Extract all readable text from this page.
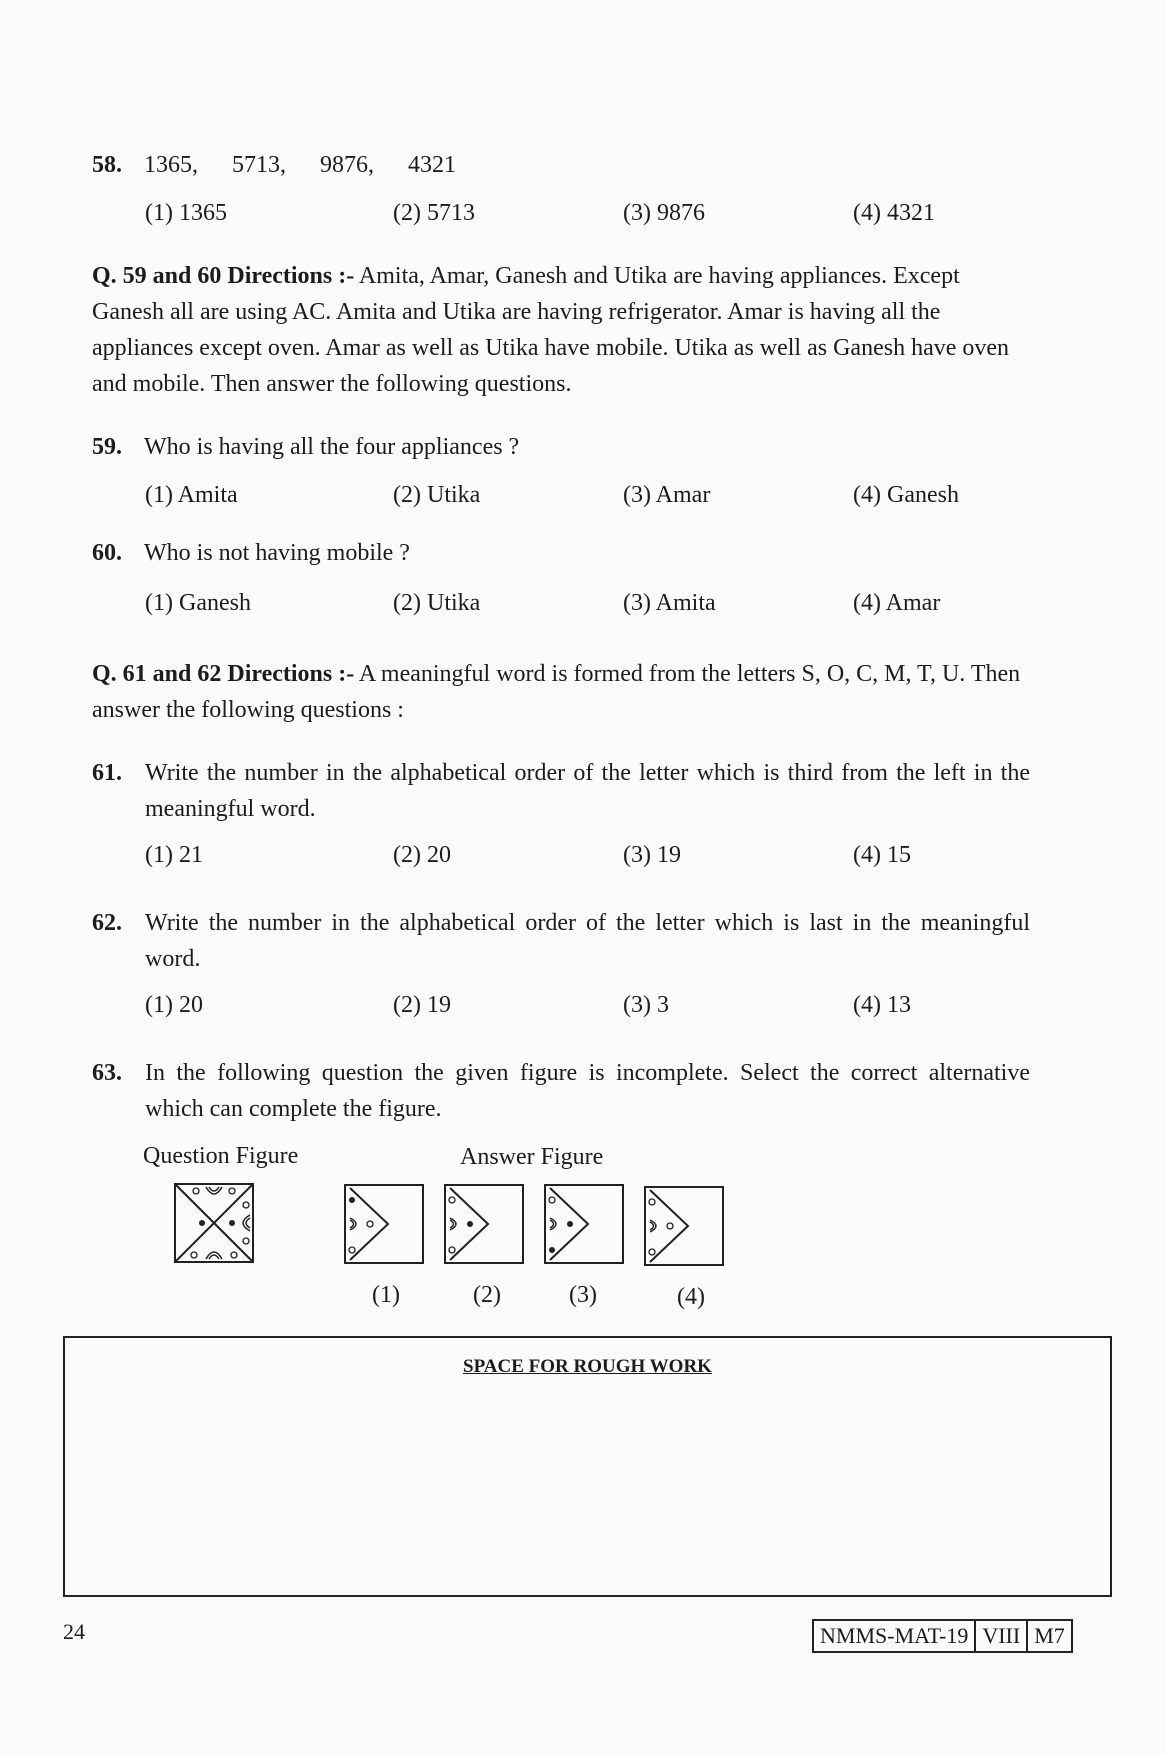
58. 1365, 5713, 9876, 4321
(1) 1365	(2) 5713	(3) 9876	(4) 4321
Q. 59 and 60 Directions :- Amita, Amar, Ganesh and Utika are having appliances. Except Ganesh all are using AC. Amita and Utika are having refrigerator. Amar is having all the appliances except oven. Amar as well as Utika have mobile. Utika as well as Ganesh have oven and mobile. Then answer the following questions.
59. Who is having all the four appliances ?
(1) Amita	(2) Utika	(3) Amar	(4) Ganesh
60. Who is not having mobile ?
(1) Ganesh	(2) Utika	(3) Amita	(4) Amar
Q. 61 and 62 Directions :- A meaningful word is formed from the letters S, O, C, M, T, U. Then answer the following questions :
61. Write the number in the alphabetical order of the letter which is third from the left in the meaningful word.
(1) 21	(2) 20	(3) 19	(4) 15
62. Write the number in the alphabetical order of the letter which is last in the meaningful word.
(1) 20	(2) 19	(3) 3	(4) 13
63. In the following question the given figure is incomplete. Select the correct alternative which can complete the figure.
Question Figure	Answer Figure
(1)	(2)	(3)	(4)
SPACE FOR ROUGH WORK
24	NMMS-MAT-19 VIII M7
